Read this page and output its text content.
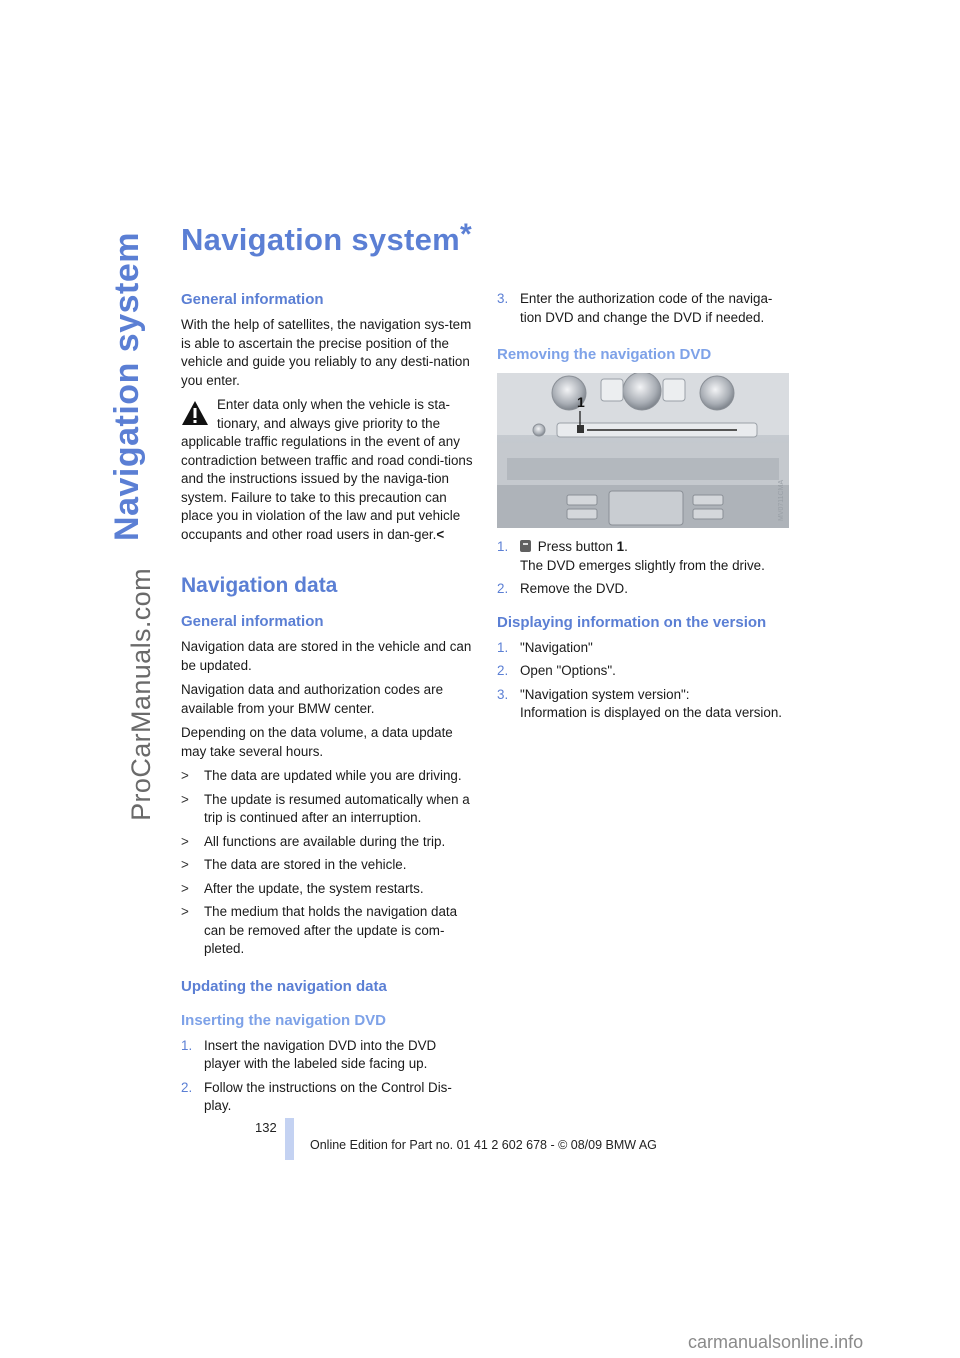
Navigation system
ProCarManuals.com
Navigation system*
General information

With the help of satellites, the navigation sys-tem is able to ascertain the precise position of the vehicle and guide you reliably to any desti-nation you enter.

Enter data only when the vehicle is sta-tionary, and always give priority to the applicable traffic regulations in the event of any contradiction between traffic and road condi-tions and the instructions issued by the naviga-tion system. Failure to take to this precaution can place you in violation of the law and put vehicle occupants and other road users in dan-ger.<

Navigation data
General information

Navigation data are stored in the vehicle and can be updated.

Navigation data and authorization codes are available from your BMW center.

Depending on the data volume, a data update may take several hours.

> The data are updated while you are driving.
> The update is resumed automatically when a trip is continued after an interruption.
> All functions are available during the trip.
> The data are stored in the vehicle.
> After the update, the system restarts.
> The medium that holds the navigation data can be removed after the update is com-pleted.
Updating the navigation data
Inserting the navigation DVD
1. Insert the navigation DVD into the DVD player with the labeled side facing up.
2. Follow the instructions on the Control Dis-play.
3. Enter the authorization code of the naviga-tion DVD and change the DVD if needed.
Removing the navigation DVD
1
MV0711CMA
1. Press button 1.
The DVD emerges slightly from the drive.
2. Remove the DVD.
Displaying information on the version
1. "Navigation"
2. Open "Options".
3. "Navigation system version":
Information is displayed on the data version.
132
Online Edition for Part no. 01 41 2 602 678 - © 08/09 BMW AG
carmanualsonline.info
